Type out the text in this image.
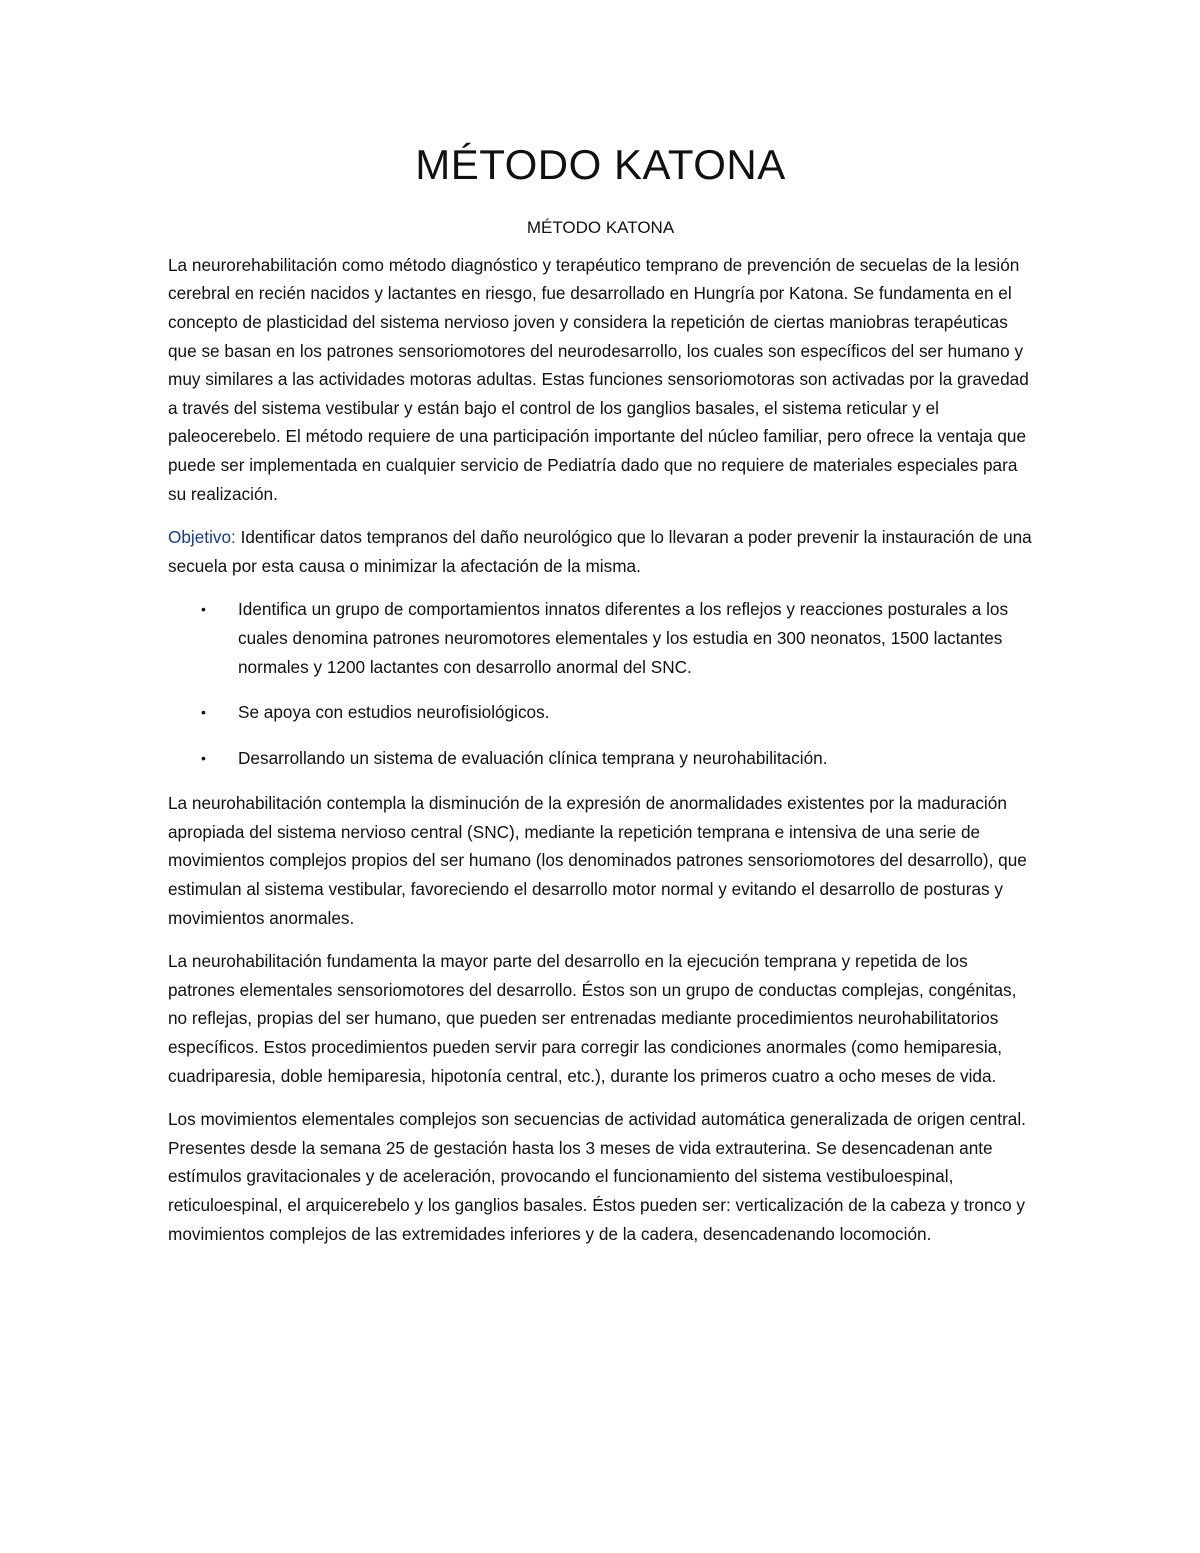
MÉTODO KATONA
MÉTODO KATONA

La neurorehabilitación como método diagnóstico y terapéutico temprano de prevención de secuelas de la lesión cerebral en recién nacidos y lactantes en riesgo, fue desarrollado en Hungría por Katona. Se fundamenta en el concepto de plasticidad del sistema nervioso joven y considera la repetición de ciertas maniobras terapéuticas que se basan en los patrones sensoriomotores del neurodesarrollo, los cuales son específicos del ser humano y muy similares a las actividades motoras adultas. Estas funciones sensoriomotoras son activadas por la gravedad a través del sistema vestibular y están bajo el control de los ganglios basales, el sistema reticular y el paleocerebelo. El método requiere de una participación importante del núcleo familiar, pero ofrece la ventaja que puede ser implementada en cualquier servicio de Pediatría dado que no requiere de materiales especiales para su realización.

Objetivo: Identificar datos tempranos del daño neurológico que lo llevaran a poder prevenir la instauración de una secuela por esta causa o minimizar la afectación de la misma.

• Identifica un grupo de comportamientos innatos diferentes a los reflejos y reacciones posturales a los cuales denomina patrones neuromotores elementales y los estudia en 300 neonatos, 1500 lactantes normales y 1200 lactantes con desarrollo anormal del SNC.
• Se apoya con estudios neurofisiológicos.
• Desarrollando un sistema de evaluación clínica temprana y neurohabilitación.

La neurohabilitación contempla la disminución de la expresión de anormalidades existentes por la maduración apropiada del sistema nervioso central (SNC), mediante la repetición temprana e intensiva de una serie de movimientos complejos propios del ser humano (los denominados patrones sensoriomotores del desarrollo), que estimulan al sistema vestibular, favoreciendo el desarrollo motor normal y evitando el desarrollo de posturas y movimientos anormales.

La neurohabilitación fundamenta la mayor parte del desarrollo en la ejecución temprana y repetida de los patrones elementales sensoriomotores del desarrollo. Éstos son un grupo de conductas complejas, congénitas, no reflejas, propias del ser humano, que pueden ser entrenadas mediante procedimientos neurohabilitatorios específicos. Estos procedimientos pueden servir para corregir las condiciones anormales (como hemiparesia, cuadriparesia, doble hemiparesia, hipotonía central, etc.), durante los primeros cuatro a ocho meses de vida.

Los movimientos elementales complejos son secuencias de actividad automática generalizada de origen central. Presentes desde la semana 25 de gestación hasta los 3 meses de vida extrauterina. Se desencadenan ante estímulos gravitacionales y de aceleración, provocando el funcionamiento del sistema vestibuloespinal, reticuloespinal, el arquicerebelo y los ganglios basales. Éstos pueden ser: verticalización de la cabeza y tronco y movimientos complejos de las extremidades inferiores y de la cadera, desencadenando locomoción.
